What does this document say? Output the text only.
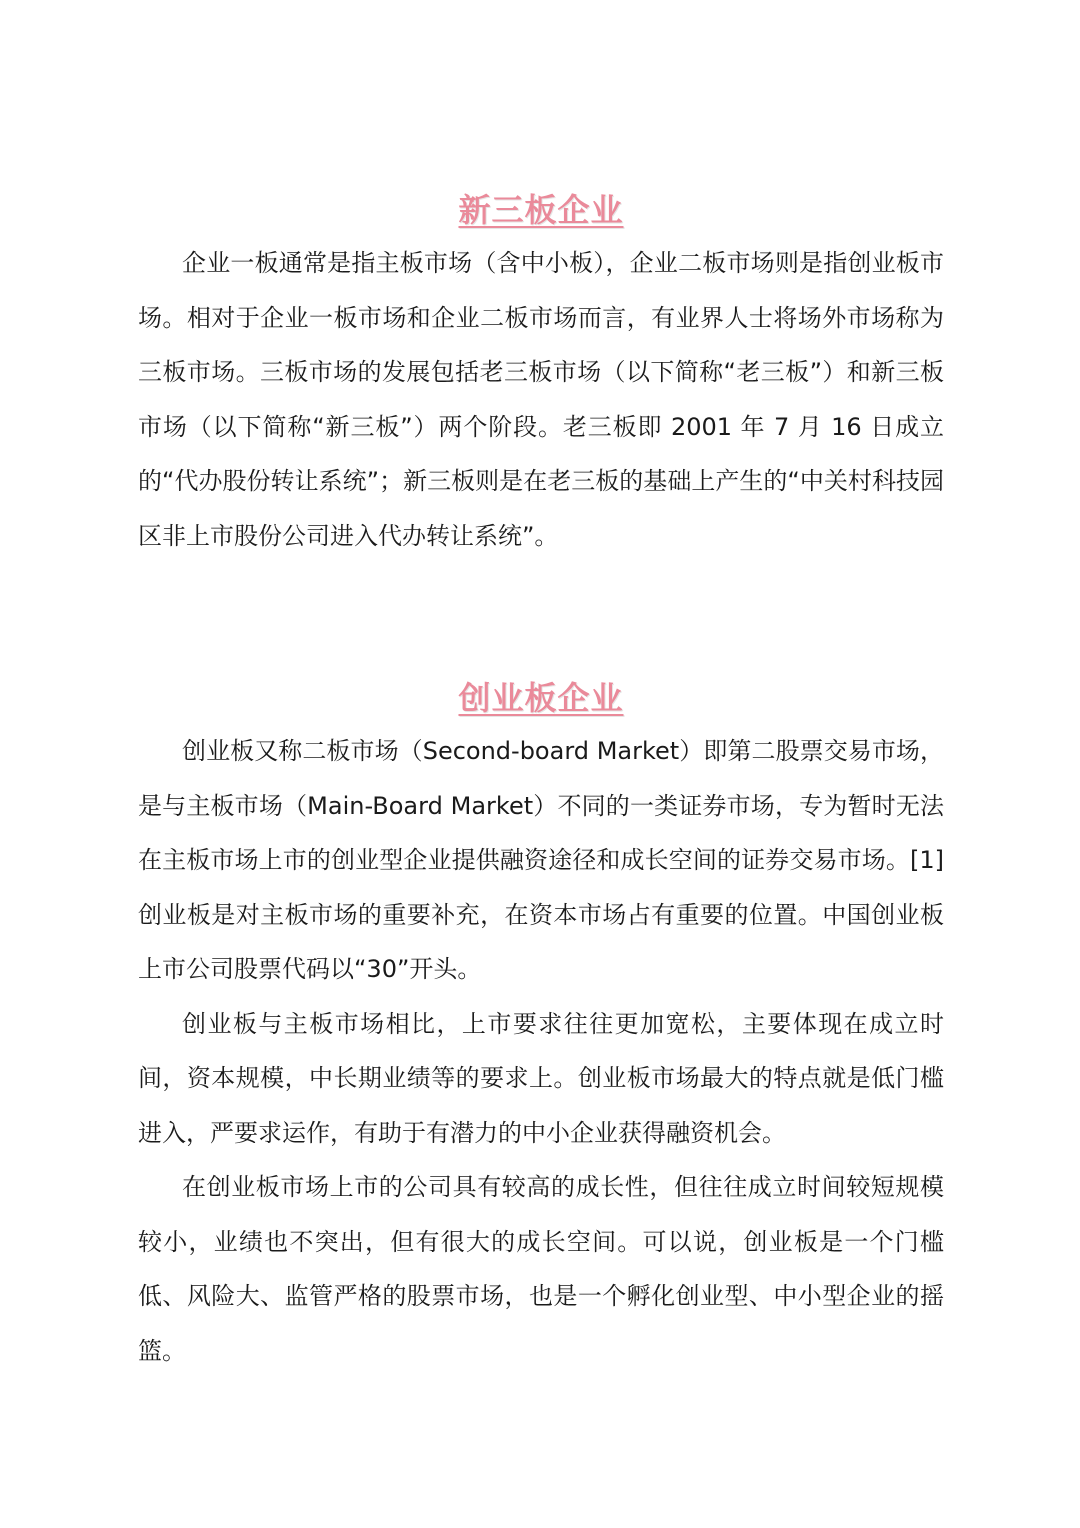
新三板企业

企业一板通常是指主板市场（含中小板），企业二板市场则是指创业板市场。相对于企业一板市场和企业二板市场而言，有业界人士将场外市场称为三板市场。三板市场的发展包括老三板市场（以下简称“老三板”）和新三板市场（以下简称“新三板”）两个阶段。老三板即 2001 年 7 月 16 日成立的“代办股份转让系统”；新三板则是在老三板的基础上产生的“中关村科技园区非上市股份公司进入代办转让系统”。

创业板企业

创业板又称二板市场（Second-board Market）即第二股票交易市场，是与主板市场（Main-Board Market）不同的一类证券市场，专为暂时无法在主板市场上市的创业型企业提供融资途径和成长空间的证券交易市场。[1]创业板是对主板市场的重要补充，在资本市场占有重要的位置。中国创业板上市公司股票代码以“30”开头。

创业板与主板市场相比，上市要求往往更加宽松，主要体现在成立时间，资本规模，中长期业绩等的要求上。创业板市场最大的特点就是低门槛进入，严要求运作，有助于有潜力的中小企业获得融资机会。

在创业板市场上市的公司具有较高的成长性，但往往成立时间较短规模较小，业绩也不突出，但有很大的成长空间。可以说，创业板是一个门槛低、风险大、监管严格的股票市场，也是一个孵化创业型、中小型企业的摇篮。
